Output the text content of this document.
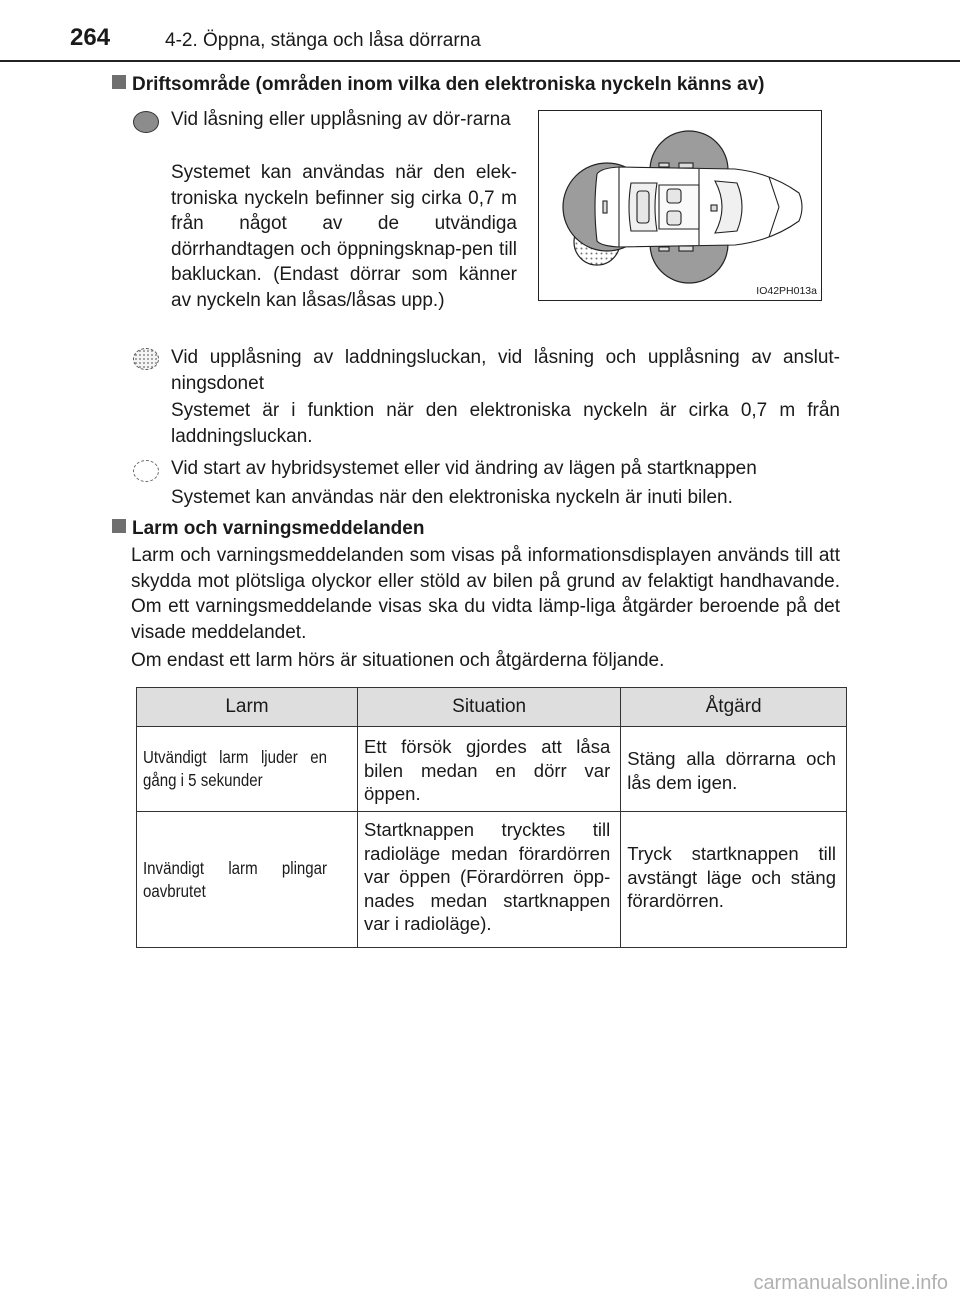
264	4-2. Öppna, stänga och låsa dörrarna
Driftsområde (områden inom vilka den elektroniska nyckeln känns av)
Vid låsning eller upplåsning av dör-rarna
Systemet kan användas när den elek-troniska nyckeln befinner sig cirka 0,7 m från något av de utvändiga dörrhandtagen och öppningsknap-pen till bakluckan. (Endast dörrar som känner av nyckeln kan låsas/låsas upp.)	IO42PH013a
Vid upplåsning av laddningsluckan, vid låsning och upplåsning av anslut-ningsdonet
Systemet är i funktion när den elektroniska nyckeln är cirka 0,7 m från laddningsluckan.
Vid start av hybridsystemet eller vid ändring av lägen på startknappen
Systemet kan användas när den elektroniska nyckeln är inuti bilen.
Larm och varningsmeddelanden
Larm och varningsmeddelanden som visas på informationsdisplayen används till att skydda mot plötsliga olyckor eller stöld av bilen på grund av felaktigt handhavande. Om ett varningsmeddelande visas ska du vidta lämp-liga åtgärder beroende på det visade meddelandet.
Om endast ett larm hörs är situationen och åtgärderna följande.
Larm	Situation	Åtgärd

Utvändigt larm ljuder en gång i 5 sekunder	Ett försök gjordes att låsa bilen medan en dörr var öppen.	Stäng alla dörrarna och lås dem igen.

Invändigt larm plingar oavbrutet	Startknappen trycktes till radioläge medan förardörren var öppen (Förardörren öpp-nades medan startknappen var i radioläge).	Tryck startknappen till avstängt läge och stäng förardörren.
carmanualsonline.info
